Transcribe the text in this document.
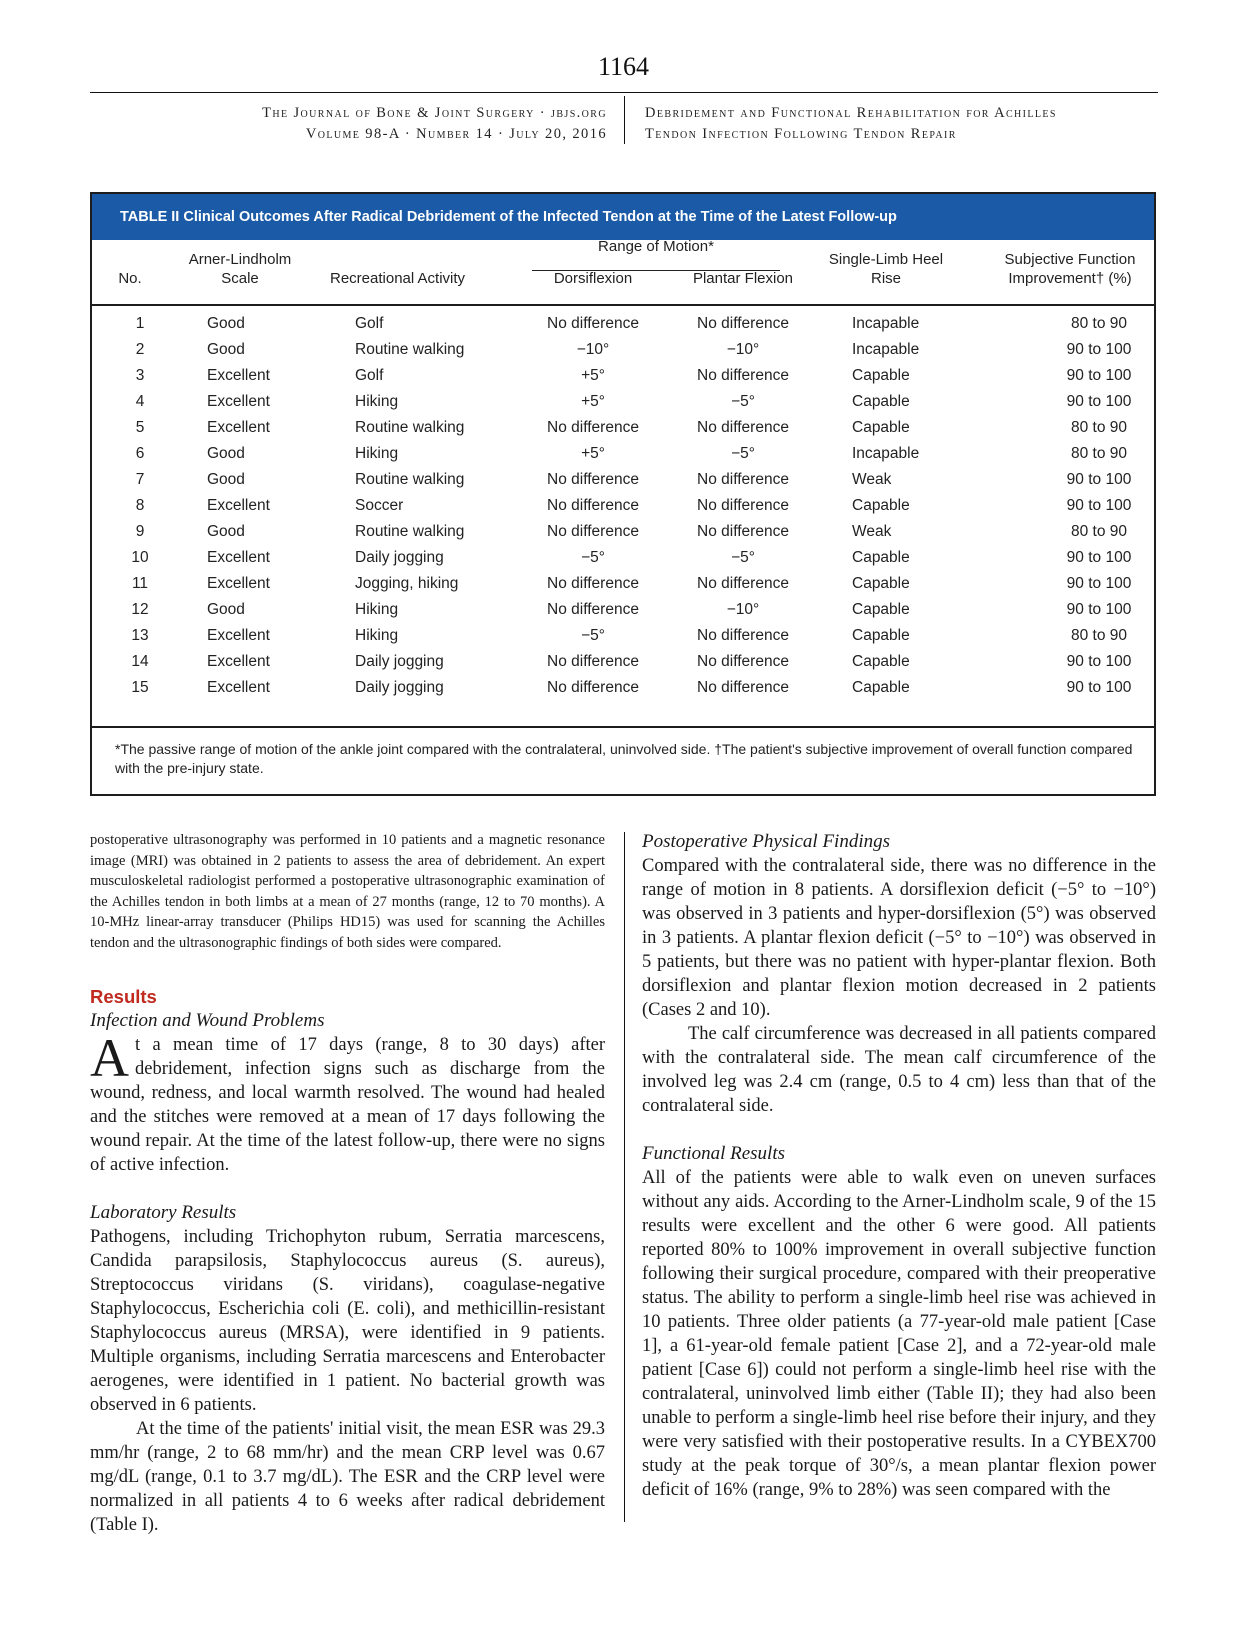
1164
The Journal of Bone & Joint Surgery · jbjs.org
Volume 98-A · Number 14 · July 20, 2016
Debridement and Functional Rehabilitation for Achilles
Tendon Infection Following Tendon Repair
TABLE II Clinical Outcomes After Radical Debridement of the Infected Tendon at the Time of the Latest Follow-up
No.
Arner-Lindholm
Scale	Recreational Activity
Range of Motion*
Dorsiflexion	Plantar Flexion
Single-Limb Heel
Rise
Subjective Function
Improvement† (%)
1	Good	Golf	No difference	No difference	Incapable	80 to 90
2	Good	Routine walking	−10°	−10°	Incapable	90 to 100
3	Excellent	Golf	+5°	No difference	Capable	90 to 100
4	Excellent	Hiking	+5°	−5°	Capable	90 to 100
5	Excellent	Routine walking	No difference	No difference	Capable	80 to 90
6	Good	Hiking	+5°	−5°	Incapable	80 to 90
7	Good	Routine walking	No difference	No difference	Weak	90 to 100
8	Excellent	Soccer	No difference	No difference	Capable	90 to 100
9	Good	Routine walking	No difference	No difference	Weak	80 to 90
10	Excellent	Daily jogging	−5°	−5°	Capable	90 to 100
11	Excellent	Jogging, hiking	No difference	No difference	Capable	90 to 100
12	Good	Hiking	No difference	−10°	Capable	90 to 100
13	Excellent	Hiking	−5°	No difference	Capable	80 to 90
14	Excellent	Daily jogging	No difference	No difference	Capable	90 to 100
15	Excellent	Daily jogging	No difference	No difference	Capable	90 to 100
*The passive range of motion of the ankle joint compared with the contralateral, uninvolved side. †The patient's subjective improvement of overall function compared with the pre-injury state.

postoperative ultrasonography was performed in 10 patients and a magnetic resonance image (MRI) was obtained in 2 patients to assess the area of debridement. An expert musculoskeletal radiologist performed a postoperative ultrasonographic examination of the Achilles tendon in both limbs at a mean of 27 months (range, 12 to 70 months). A 10-MHz linear-array transducer (Philips HD15) was used for scanning the Achilles tendon and the ultrasonographic findings of both sides were compared.

Results
Infection and Wound Problems

At a mean time of 17 days (range, 8 to 30 days) after debridement, infection signs such as discharge from the wound, redness, and local warmth resolved. The wound had healed and the stitches were removed at a mean of 17 days following the wound repair. At the time of the latest follow-up, there were no signs of active infection.

Laboratory Results

Pathogens, including Trichophyton rubum, Serratia marcescens, Candida parapsilosis, Staphylococcus aureus (S. aureus), Streptococcus viridans (S. viridans), coagulase-negative Staphylococcus, Escherichia coli (E. coli), and methicillin-resistant Staphylococcus aureus (MRSA), were identified in 9 patients. Multiple organisms, including Serratia marcescens and Enterobacter aerogenes, were identified in 1 patient. No bacterial growth was observed in 6 patients.

At the time of the patients' initial visit, the mean ESR was 29.3 mm/hr (range, 2 to 68 mm/hr) and the mean CRP level was 0.67 mg/dL (range, 0.1 to 3.7 mg/dL). The ESR and the CRP level were normalized in all patients 4 to 6 weeks after radical debridement (Table I).

Postoperative Physical Findings

Compared with the contralateral side, there was no difference in the range of motion in 8 patients. A dorsiflexion deficit (−5° to −10°) was observed in 3 patients and hyper-dorsiflexion (5°) was observed in 3 patients. A plantar flexion deficit (−5° to −10°) was observed in 5 patients, but there was no patient with hyper-plantar flexion. Both dorsiflexion and plantar flexion motion decreased in 2 patients (Cases 2 and 10).

The calf circumference was decreased in all patients compared with the contralateral side. The mean calf circumference of the involved leg was 2.4 cm (range, 0.5 to 4 cm) less than that of the contralateral side.

Functional Results

All of the patients were able to walk even on uneven surfaces without any aids. According to the Arner-Lindholm scale, 9 of the 15 results were excellent and the other 6 were good. All patients reported 80% to 100% improvement in overall subjective function following their surgical procedure, compared with their preoperative status. The ability to perform a single-limb heel rise was achieved in 10 patients. Three older patients (a 77-year-old male patient [Case 1], a 61-year-old female patient [Case 2], and a 72-year-old male patient [Case 6]) could not perform a single-limb heel rise with the contralateral, uninvolved limb either (Table II); they had also been unable to perform a single-limb heel rise before their injury, and they were very satisfied with their postoperative results. In a CYBEX700 study at the peak torque of 30°/s, a mean plantar flexion power deficit of 16% (range, 9% to 28%) was seen compared with the
